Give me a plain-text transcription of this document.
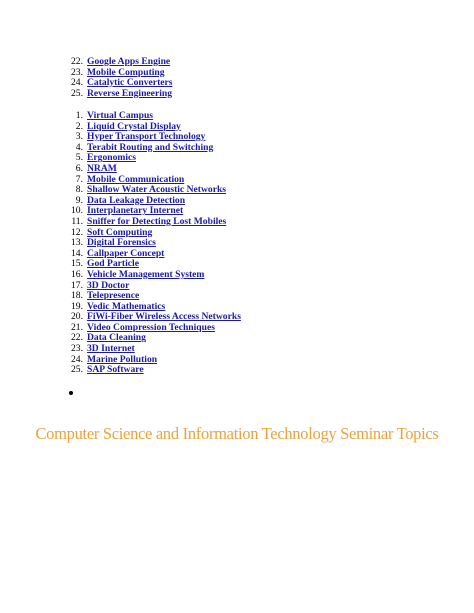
22. Google Apps Engine
23. Mobile Computing
24. Catalytic Converters
25. Reverse Engineering
1. Virtual Campus
2. Liquid Crystal Display
3. Hyper Transport Technology
4. Terabit Routing and Switching
5. Ergonomics
6. NRAM
7. Mobile Communication
8. Shallow Water Acoustic Networks
9. Data Leakage Detection
10. Interplanetary Internet
11. Sniffer for Detecting Lost Mobiles
12. Soft Computing
13. Digital Forensics
14. Callpaper Concept
15. God Particle
16. Vehicle Management System
17. 3D Doctor
18. Telepresence
19. Vedic Mathematics
20. FiWi-Fiber Wireless Access Networks
21. Video Compression Techniques
22. Data Cleaning
23. 3D Internet
24. Marine Pollution
25. SAP Software
Computer Science and Information Technology Seminar Topics
